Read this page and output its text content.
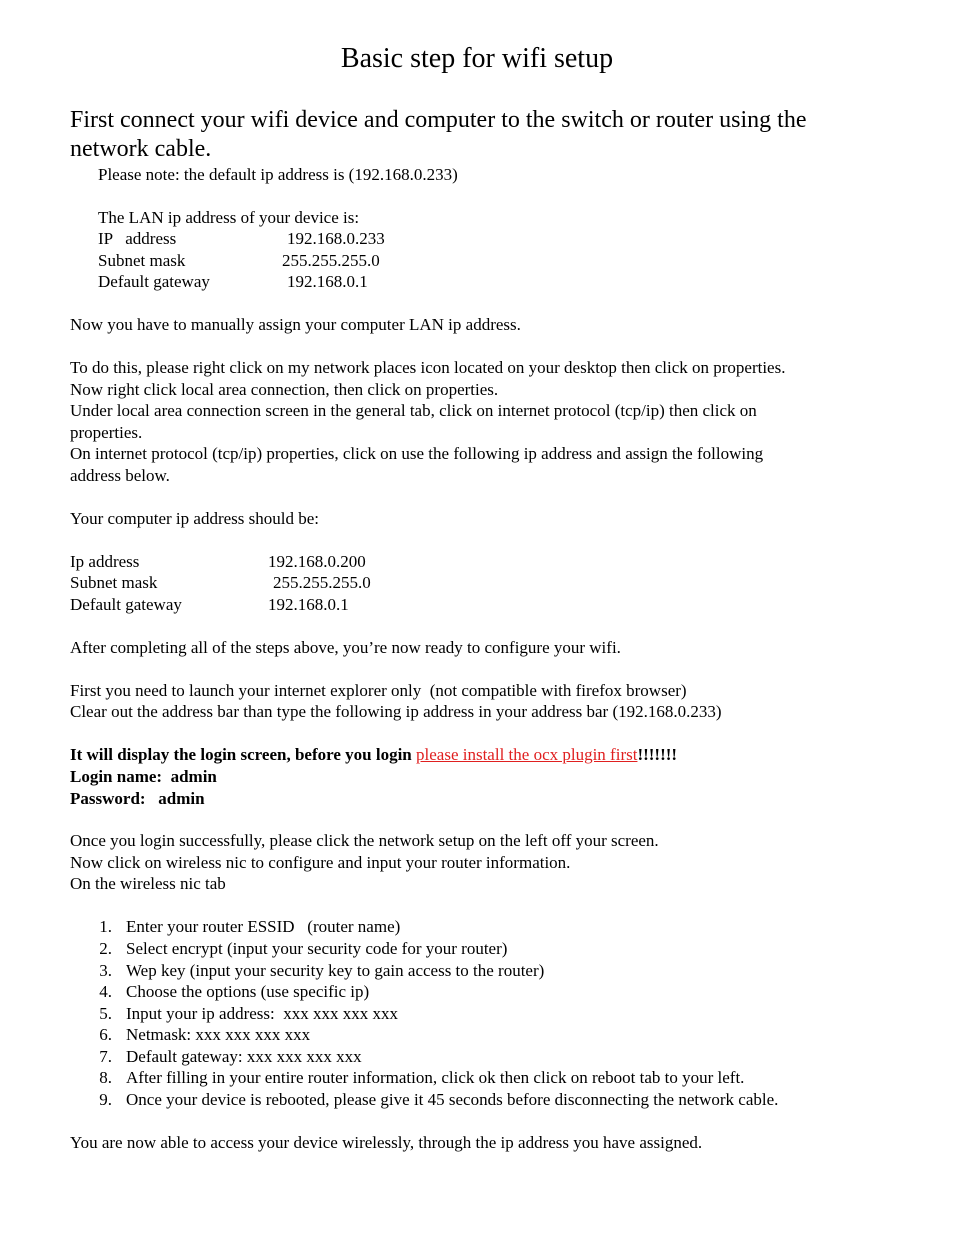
Basic step for wifi setup
First connect your wifi device and computer to the switch or router using the network cable.
Please note: the default ip address is (192.168.0.233)
The LAN ip address of your device is:
IP   address	192.168.0.233
Subnet mask	255.255.255.0
Default gateway	192.168.0.1
Now you have to manually assign your computer LAN ip address.
To do this, please right click on my network places icon located on your desktop then click on properties.
Now right click local area connection, then click on properties.
Under local area connection screen in the general tab, click on internet protocol (tcp/ip) then click on
properties.
On internet protocol (tcp/ip) properties, click on use the following ip address and assign the following
address below.
Your computer ip address should be:
Ip address	192.168.0.200
Subnet mask	255.255.255.0
Default gateway	192.168.0.1
After completing all of the steps above, you’re now ready to configure your wifi.
First you need to launch your internet explorer only  (not compatible with firefox browser)
Clear out the address bar than type the following ip address in your address bar (192.168.0.233)
It will display the login screen, before you login please install the ocx plugin first!!!!!!!
Login name:  admin
Password:   admin
Once you login successfully, please click the network setup on the left off your screen.
Now click on wireless nic to configure and input your router information.
On the wireless nic tab
1. Enter your router ESSID   (router name)
2. Select encrypt (input your security code for your router)
3. Wep key (input your security key to gain access to the router)
4. Choose the options (use specific ip)
5. Input your ip address:  xxx xxx xxx xxx
6. Netmask: xxx xxx xxx xxx
7. Default gateway: xxx xxx xxx xxx
8. After filling in your entire router information, click ok then click on reboot tab to your left.
9. Once your device is rebooted, please give it 45 seconds before disconnecting the network cable.
You are now able to access your device wirelessly, through the ip address you have assigned.
